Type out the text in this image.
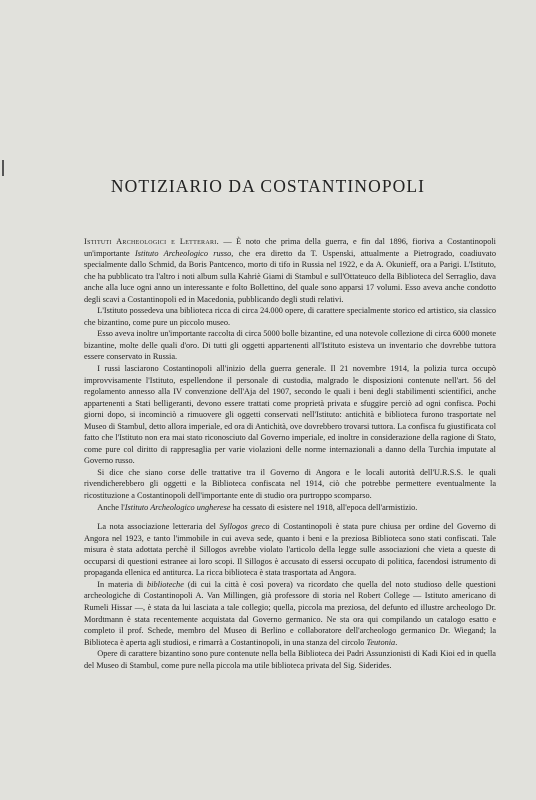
NOTIZIARIO DA COSTANTINOPOLI

Istituti Archeologici e Letterari. — È noto che prima della guerra, e fin dal 1896, fioriva a Costantinopoli un'importante Istituto Archeologico russo, che era diretto da T. Uspenski, attualmente a Pietrogrado, coadiuvato specialmente dallo Schmid, da Boris Pantcenco, morto di tifo in Russia nel 1922, e da A. Okunieff, ora a Parigi. L'Istituto, che ha pubblicato tra l'altro i noti album sulla Kahriè Giami di Stambul e sull'Ottateuco della Biblioteca del Serraglio, dava anche alla luce ogni anno un interessante e folto Bollettino, del quale sono apparsi 17 volumi. Esso aveva anche condotto degli scavi a Costantinopoli ed in Macedonia, pubblicando degli studi relativi.

L'Istituto possedeva una biblioteca ricca di circa 24.000 opere, di carattere specialmente storico ed artistico, sia classico che bizantino, come pure un piccolo museo.

Esso aveva inoltre un'importante raccolta di circa 5000 bolle bizantine, ed una notevole collezione di circa 6000 monete bizantine, molte delle quali d'oro. Di tutti gli oggetti appartenenti all'Istituto esisteva un inventario che dovrebbe tuttora essere conservato in Russia.

I russi lasciarono Costantinopoli all'inizio della guerra generale. Il 21 novembre 1914, la polizia turca occupò improvvisamente l'Istituto, espellendone il personale di custodia, malgrado le disposizioni contenute nell'art. 56 del regolamento annesso alla IV convenzione dell'Aja del 1907, secondo le quali i beni degli stabilimenti scientifici, anche appartenenti a Stati belligeranti, devono essere trattati come proprietà privata e sfuggire perciò ad ogni confisca. Pochi giorni dopo, si incominciò a rimuovere gli oggetti conservati nell'Istituto: antichità e biblioteca furono trasportate nel Museo di Stambul, detto allora imperiale, ed ora di Antichità, ove dovrebbero trovarsi tuttora. La confisca fu giustificata col fatto che l'Istituto non era mai stato riconosciuto dal Governo imperiale, ed inoltre in considerazione della ragione di Stato, come pure col diritto di rappresaglia per varie violazioni delle norme internazionali a danno della Turchia imputate al Governo russo.

Si dice che siano corse delle trattative tra il Governo di Angora e le locali autorità dell'U.R.S.S. le quali rivendicherebbero gli oggetti e la Biblioteca confiscata nel 1914, ciò che potrebbe permettere eventualmente la ricostituzione a Costantinopoli dell'importante ente di studio ora purtroppo scomparso.

Anche l'Istituto Archeologico ungherese ha cessato di esistere nel 1918, all'epoca dell'armistizio.

La nota associazione letteraria del Syllogos greco di Costantinopoli è stata pure chiusa per ordine del Governo di Angora nel 1923, e tanto l'immobile in cui aveva sede, quanto i beni e la preziosa Biblioteca sono stati confiscati. Tale misura è stata adottata perchè il Sillogos avrebbe violato l'articolo della legge sulle associazioni che vieta a queste di occuparsi di questioni estranee ai loro scopi. Il Sillogos è accusato di essersi occupato di politica, facendosi istrumento di propaganda ellenica ed antiturca. La ricca biblioteca è stata trasportata ad Angora.

In materia di biblioteche (di cui la città è così povera) va ricordato che quella del noto studioso delle questioni archeologiche di Costantinopoli A. Van Millingen, già professore di storia nel Robert College — Istituto americano di Rumeli Hissar —, è stata da lui lasciata a tale collegio; quella, piccola ma preziosa, del defunto ed illustre archeologo Dr. Mordtmann è stata recentemente acquistata dal Governo germanico. Ne sta ora qui compilando un catalogo esatto e completo il prof. Schede, membro del Museo di Berlino e collaboratore dell'archeologo germanico Dr. Wiegand; la Biblioteca è aperta agli studiosi, e rimarrà a Costantinopoli, in una stanza del circolo Teutonia.

Opere di carattere bizantino sono pure contenute nella bella Biblioteca dei Padri Assunzionisti di Kadi Kioi ed in quella del Museo di Stambul, come pure nella piccola ma utile biblioteca privata del Sig. Siderides.
